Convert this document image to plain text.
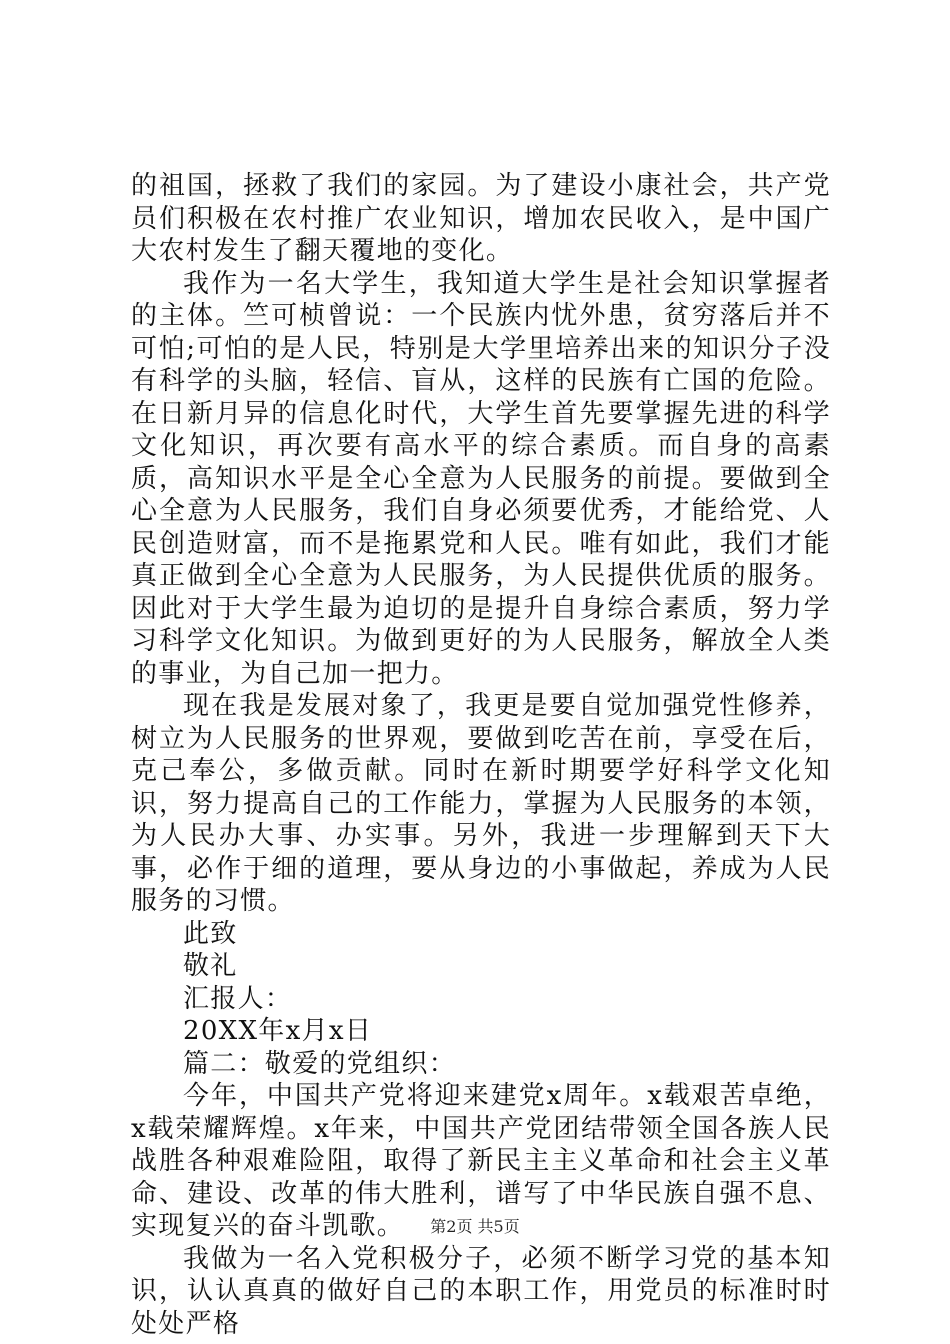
的祖国，拯救了我们的家园。为了建设小康社会，共产党员们积极在农村推广农业知识，增加农民收入，是中国广大农村发生了翻天覆地的变化。

我作为一名大学生，我知道大学生是社会知识掌握者的主体。竺可桢曾说：一个民族内忧外患，贫穷落后并不可怕;可怕的是人民，特别是大学里培养出来的知识分子没有科学的头脑，轻信、盲从，这样的民族有亡国的危险。在日新月异的信息化时代，大学生首先要掌握先进的科学文化知识，再次要有高水平的综合素质。而自身的高素质，高知识水平是全心全意为人民服务的前提。要做到全心全意为人民服务，我们自身必须要优秀，才能给党、人民创造财富，而不是拖累党和人民。唯有如此，我们才能真正做到全心全意为人民服务，为人民提供优质的服务。因此对于大学生最为迫切的是提升自身综合素质，努力学习科学文化知识。为做到更好的为人民服务，解放全人类的事业，为自己加一把力。

现在我是发展对象了，我更是要自觉加强党性修养，树立为人民服务的世界观，要做到吃苦在前，享受在后，克己奉公，多做贡献。同时在新时期要学好科学文化知识，努力提高自己的工作能力，掌握为人民服务的本领，为人民办大事、办实事。另外，我进一步理解到天下大事，必作于细的道理，要从身边的小事做起，养成为人民服务的习惯。

此致

敬礼

汇报人：

20XX年x月x日

篇二：敬爱的党组织：

今年，中国共产党将迎来建党x周年。x载艰苦卓绝，x载荣耀辉煌。x年来，中国共产党团结带领全国各族人民战胜各种艰难险阻，取得了新民主主义革命和社会主义革命、建设、改革的伟大胜利，谱写了中华民族自强不息、实现复兴的奋斗凯歌。

我做为一名入党积极分子，必须不断学习党的基本知识，认认真真的做好自己的本职工作，用党员的标准时时处处严格

第2页 共5页
